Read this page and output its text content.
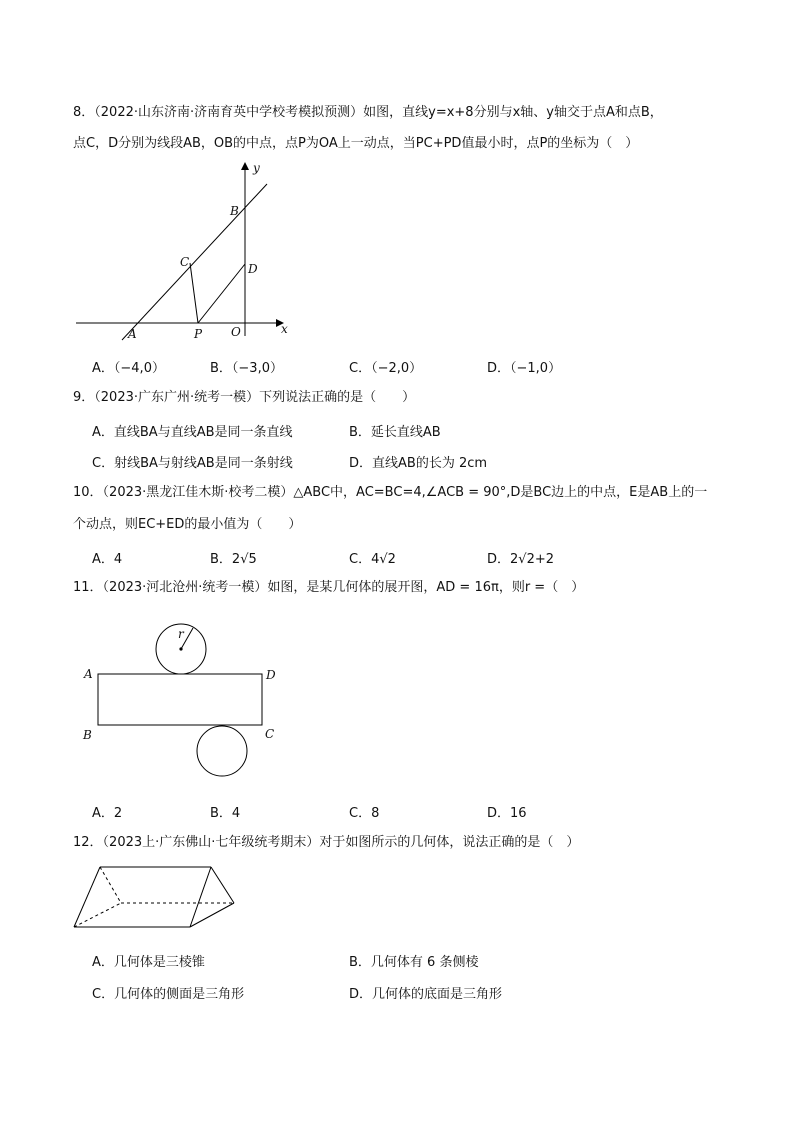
8．（2022·山东济南·济南育英中学校考模拟预测）如图，直线y=x+8分别与x轴、y轴交于点A和点B，
点C，D分别为线段AB，OB的中点，点P为OA上一动点，当PC+PD值最小时，点P的坐标为（　）
y
x
B
C	D
A	P O
A．（−4,0）	B．（−3,0）	C．（−2,0）	D．（−1,0）
9．（2023·广东广州·统考一模）下列说法正确的是（　　）
A．直线BA与直线AB是同一条直线	B．延长直线AB
C．射线BA与射线AB是同一条射线	D．直线AB的长为 2cm
10．（2023·黑龙江佳木斯·校考二模）△ABC中，AC=BC=4,∠ACB = 90°,D是BC边上的中点，E是AB上的一
个动点，则EC+ED的最小值为（　　）
A．4	B．2√5	C．4√2	D．2√2+2
11．（2023·河北沧州·统考一模）如图，是某几何体的展开图，AD = 16π，则r =（　）
r
A	D
B	C
A．2	B．4	C．8	D．16
12．（2023上·广东佛山·七年级统考期末）对于如图所示的几何体，说法正确的是（　）
A．几何体是三棱锥	B．几何体有 6 条侧棱
C．几何体的侧面是三角形	D．几何体的底面是三角形
